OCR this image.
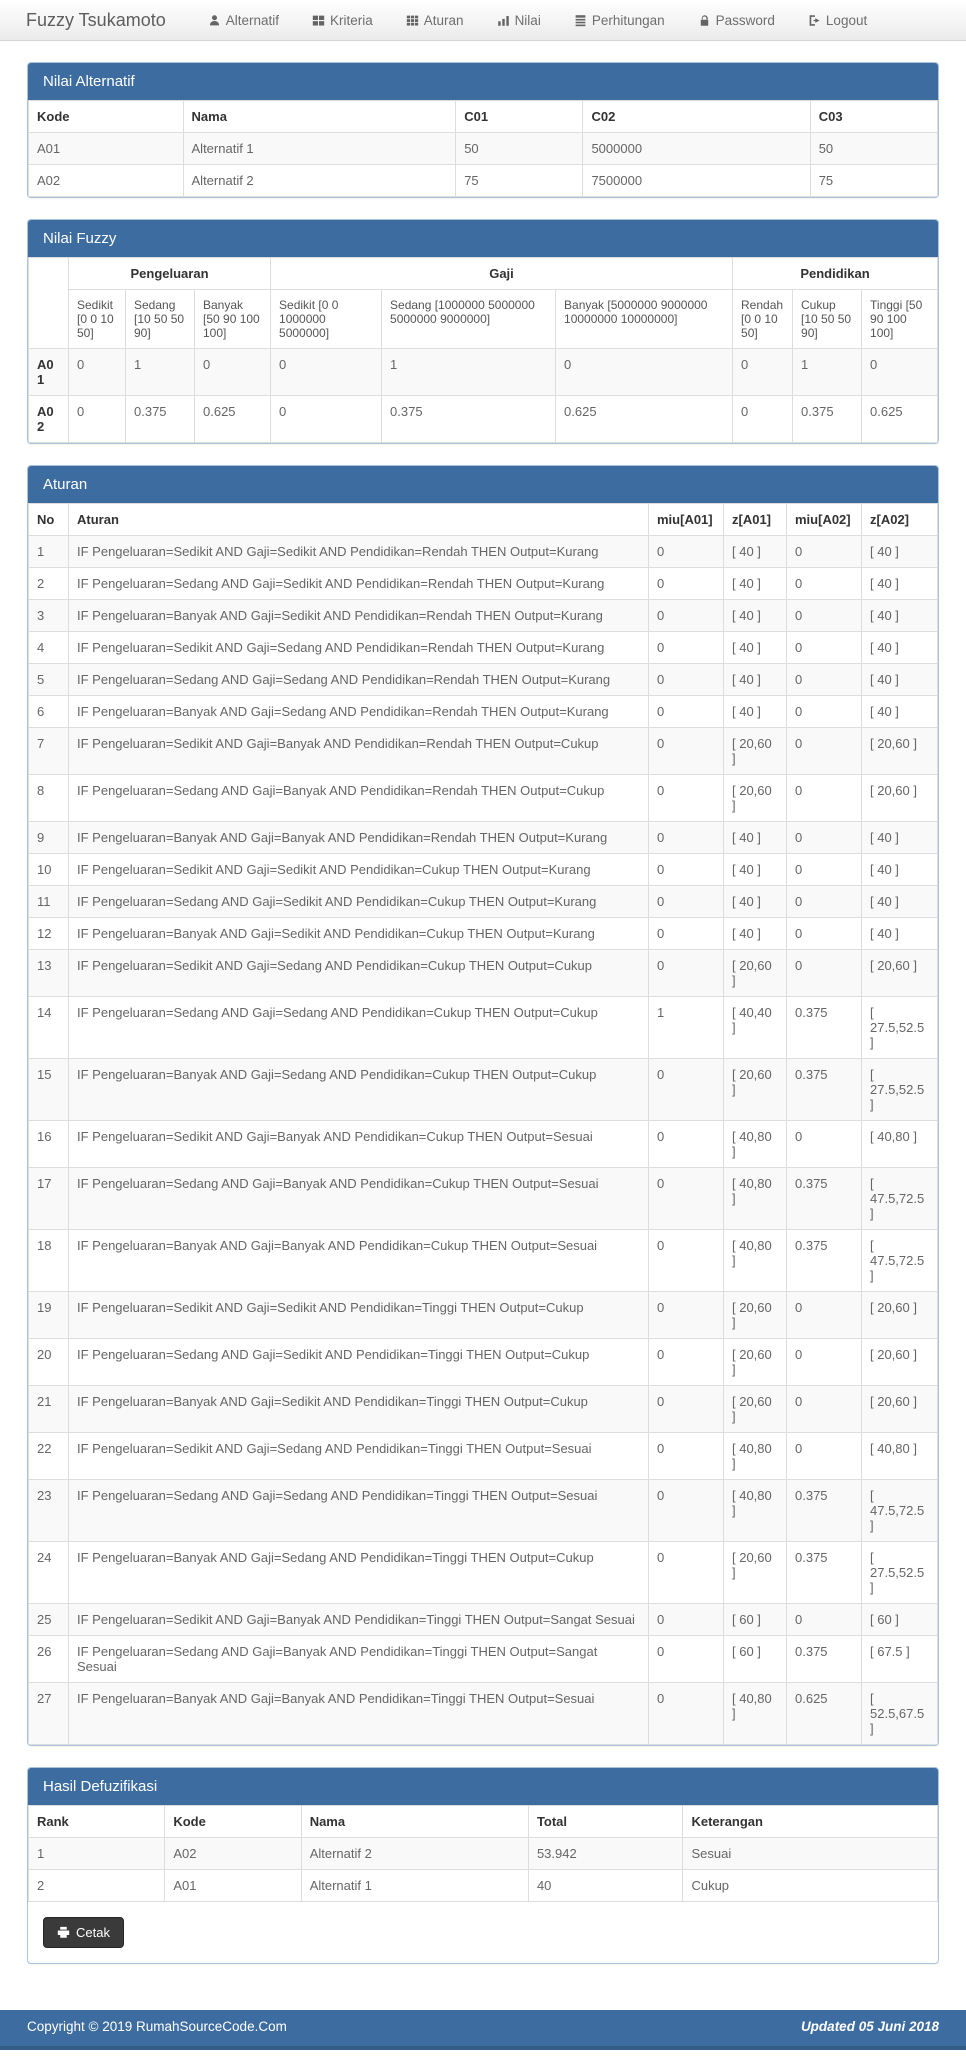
Fuzzy Tsukamoto	Alternatif	Kriteria	Aturan	Nilai	Perhitungan	Password	Logout
Nilai Alternatif
Kode	Nama	C01	C02	C03
A01	Alternatif 1	50	5000000	50
A02	Alternatif 2	75	7500000	75
Nilai Fuzzy
	Pengeluaran			Gaji			Pendidikan		
	Sedikit [0 0 10 50]	Sedang [10 50 50 90]	Banyak [50 90 100 100]	Sedikit [0 0 1000000 5000000]	Sedang [1000000 5000000 5000000 9000000]	Banyak [5000000 9000000 10000000 10000000]	Rendah [0 0 10 50]	Cukup [10 50 50 90]	Tinggi [50 90 100 100]
A01	0	1	0	0	1	0	0	1	0
A02	0	0.375	0.625	0	0.375	0.625	0	0.375	0.625
Aturan
No	Aturan	miu[A01]	z[A01]	miu[A02]	z[A02]
1	IF Pengeluaran=Sedikit AND Gaji=Sedikit AND Pendidikan=Rendah THEN Output=Kurang	0	[ 40 ]	0	[ 40 ]
2	IF Pengeluaran=Sedang AND Gaji=Sedikit AND Pendidikan=Rendah THEN Output=Kurang	0	[ 40 ]	0	[ 40 ]
3	IF Pengeluaran=Banyak AND Gaji=Sedikit AND Pendidikan=Rendah THEN Output=Kurang	0	[ 40 ]	0	[ 40 ]
4	IF Pengeluaran=Sedikit AND Gaji=Sedang AND Pendidikan=Rendah THEN Output=Kurang	0	[ 40 ]	0	[ 40 ]
5	IF Pengeluaran=Sedang AND Gaji=Sedang AND Pendidikan=Rendah THEN Output=Kurang	0	[ 40 ]	0	[ 40 ]
6	IF Pengeluaran=Banyak AND Gaji=Sedang AND Pendidikan=Rendah THEN Output=Kurang	0	[ 40 ]	0	[ 40 ]
7	IF Pengeluaran=Sedikit AND Gaji=Banyak AND Pendidikan=Rendah THEN Output=Cukup	0	[ 20,60 ]	0	[ 20,60 ]
8	IF Pengeluaran=Sedang AND Gaji=Banyak AND Pendidikan=Rendah THEN Output=Cukup	0	[ 20,60 ]	0	[ 20,60 ]
9	IF Pengeluaran=Banyak AND Gaji=Banyak AND Pendidikan=Rendah THEN Output=Kurang	0	[ 40 ]	0	[ 40 ]
10	IF Pengeluaran=Sedikit AND Gaji=Sedikit AND Pendidikan=Cukup THEN Output=Kurang	0	[ 40 ]	0	[ 40 ]
11	IF Pengeluaran=Sedang AND Gaji=Sedikit AND Pendidikan=Cukup THEN Output=Kurang	0	[ 40 ]	0	[ 40 ]
12	IF Pengeluaran=Banyak AND Gaji=Sedikit AND Pendidikan=Cukup THEN Output=Kurang	0	[ 40 ]	0	[ 40 ]
13	IF Pengeluaran=Sedikit AND Gaji=Sedang AND Pendidikan=Cukup THEN Output=Cukup	0	[ 20,60 ]	0	[ 20,60 ]
14	IF Pengeluaran=Sedang AND Gaji=Sedang AND Pendidikan=Cukup THEN Output=Cukup	1	[ 40,40 ]	0.375	[ 27.5,52.5 ]
15	IF Pengeluaran=Banyak AND Gaji=Sedang AND Pendidikan=Cukup THEN Output=Cukup	0	[ 20,60 ]	0.375	[ 27.5,52.5 ]
16	IF Pengeluaran=Sedikit AND Gaji=Banyak AND Pendidikan=Cukup THEN Output=Sesuai	0	[ 40,80 ]	0	[ 40,80 ]
17	IF Pengeluaran=Sedang AND Gaji=Banyak AND Pendidikan=Cukup THEN Output=Sesuai	0	[ 40,80 ]	0.375	[ 47.5,72.5 ]
18	IF Pengeluaran=Banyak AND Gaji=Banyak AND Pendidikan=Cukup THEN Output=Sesuai	0	[ 40,80 ]	0.375	[ 47.5,72.5 ]
19	IF Pengeluaran=Sedikit AND Gaji=Sedikit AND Pendidikan=Tinggi THEN Output=Cukup	0	[ 20,60 ]	0	[ 20,60 ]
20	IF Pengeluaran=Sedang AND Gaji=Sedikit AND Pendidikan=Tinggi THEN Output=Cukup	0	[ 20,60 ]	0	[ 20,60 ]
21	IF Pengeluaran=Banyak AND Gaji=Sedikit AND Pendidikan=Tinggi THEN Output=Cukup	0	[ 20,60 ]	0	[ 20,60 ]
22	IF Pengeluaran=Sedikit AND Gaji=Sedang AND Pendidikan=Tinggi THEN Output=Sesuai	0	[ 40,80 ]	0	[ 40,80 ]
23	IF Pengeluaran=Sedang AND Gaji=Sedang AND Pendidikan=Tinggi THEN Output=Sesuai	0	[ 40,80 ]	0.375	[ 47.5,72.5 ]
24	IF Pengeluaran=Banyak AND Gaji=Sedang AND Pendidikan=Tinggi THEN Output=Cukup	0	[ 20,60 ]	0.375	[ 27.5,52.5 ]
25	IF Pengeluaran=Sedikit AND Gaji=Banyak AND Pendidikan=Tinggi THEN Output=Sangat Sesuai	0	[ 60 ]	0	[ 60 ]
26	IF Pengeluaran=Sedang AND Gaji=Banyak AND Pendidikan=Tinggi THEN Output=Sangat Sesuai	0	[ 60 ]	0.375	[ 67.5 ]
27	IF Pengeluaran=Banyak AND Gaji=Banyak AND Pendidikan=Tinggi THEN Output=Sesuai	0	[ 40,80 ]	0.625	[ 52.5,67.5 ]
Hasil Defuzifikasi
Rank	Kode	Nama	Total	Keterangan
1	A02	Alternatif 2	53.942	Sesuai
2	A01	Alternatif 1	40	Cukup
Cetak
Copyright © 2019 RumahSourceCode.Com	Updated 05 Juni 2018
